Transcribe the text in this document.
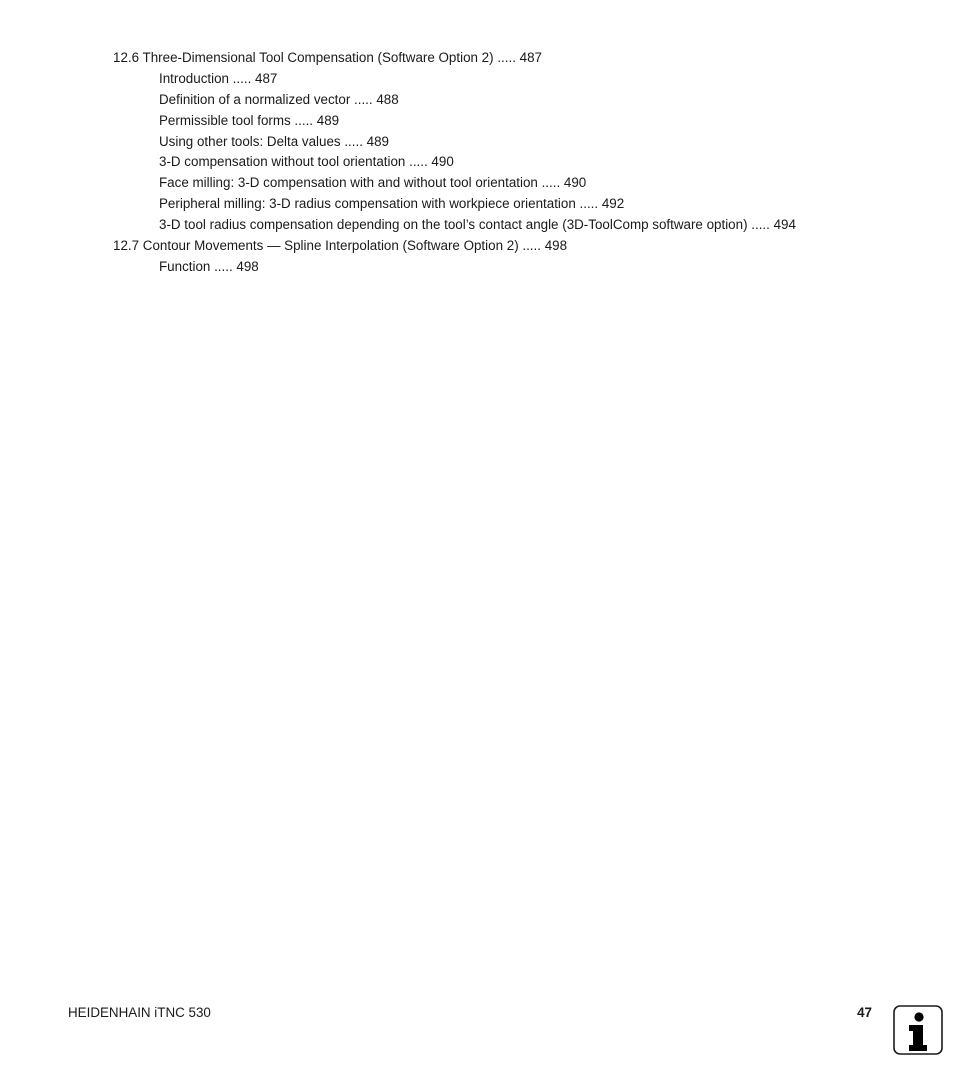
12.6 Three-Dimensional Tool Compensation (Software Option 2) ..... 487
Introduction ..... 487
Definition of a normalized vector ..... 488
Permissible tool forms ..... 489
Using other tools: Delta values ..... 489
3-D compensation without tool orientation ..... 490
Face milling: 3-D compensation with and without tool orientation ..... 490
Peripheral milling: 3-D radius compensation with workpiece orientation ..... 492
3-D tool radius compensation depending on the tool’s contact angle (3D-ToolComp software option) ..... 494
12.7 Contour Movements — Spline Interpolation (Software Option 2) ..... 498
Function ..... 498
HEIDENHAIN iTNC 530	47
